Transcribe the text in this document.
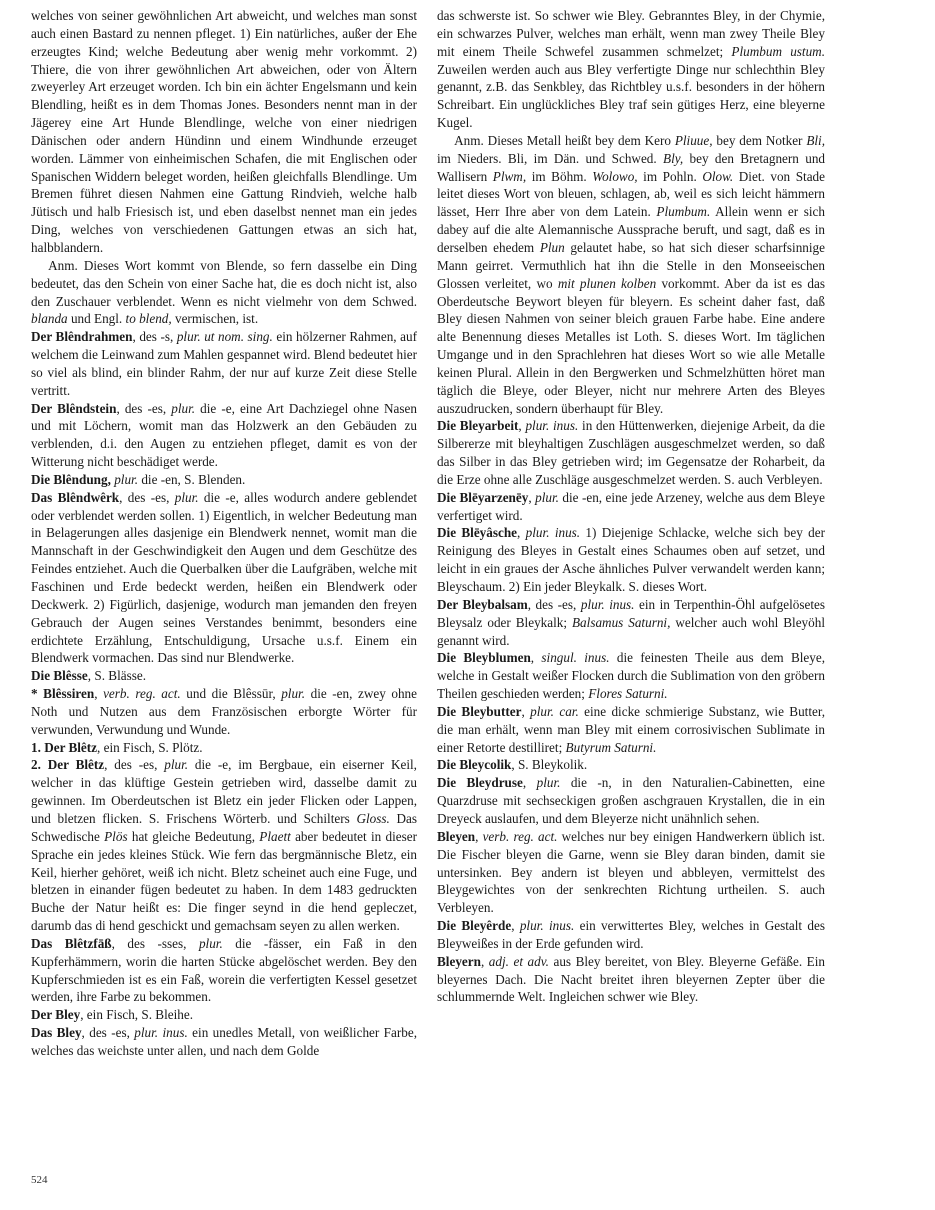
welches von seiner gewöhnlichen Art abweicht, und welches man sonst auch einen Bastard zu nennen pfleget. 1) Ein natürliches, außer der Ehe erzeugtes Kind; welche Bedeutung aber wenig mehr vorkommt. 2) Thiere, die von ihrer gewöhnlichen Art abweichen, oder von Ältern zweyerley Art erzeuget worden. Ich bin ein ächter Engelsmann und kein Blendling, heißt es in dem Thomas Jones. Besonders nennt man in der Jägerey eine Art Hunde Blendlinge, welche von einer niedrigen Dänischen oder andern Hündinn und einem Windhunde erzeuget worden. Lämmer von einheimischen Schafen, die mit Englischen oder Spanischen Widdern beleget worden, heißen gleichfalls Blendlinge. Um Bremen führet diesen Nahmen eine Gattung Rindvieh, welche halb Jütisch und halb Friesisch ist, und eben daselbst nennet man ein jedes Ding, welches von verschiedenen Gattungen etwas an sich hat, halbblandern.

Anm. Dieses Wort kommt von Blende, so fern dasselbe ein Ding bedeutet, das den Schein von einer Sache hat, die es doch nicht ist, also den Zuschauer verblendet. Wenn es nicht vielmehr von dem Schwed. blanda und Engl. to blend, vermischen, ist.

Der Blêndrahmen, des -s, plur. ut nom. sing. ein hölzerner Rahmen, auf welchem die Leinwand zum Mahlen gespannet wird. Blend bedeutet hier so viel als blind, ein blinder Rahm, der nur auf kurze Zeit diese Stelle vertritt.

Der Blêndstein, des -es, plur. die -e, eine Art Dachziegel ohne Nasen und mit Löchern, womit man das Holzwerk an den Gebäuden zu verblenden, d.i. den Augen zu entziehen pfleget, damit es von der Witterung nicht beschädiget werde.

Die Blêndung, plur. die -en, S. Blenden.

Das Blêndwêrk, des -es, plur. die -e, alles wodurch andere geblendet oder verblendet werden sollen. 1) Eigentlich, in welcher Bedeutung man in Belagerungen alles dasjenige ein Blendwerk nennet, womit man die Mannschaft in der Geschwindigkeit den Augen und dem Geschütze des Feindes entziehet. Auch die Querbalken über die Laufgräben, welche mit Faschinen und Erde bedeckt werden, heißen ein Blendwerk oder Deckwerk. 2) Figürlich, dasjenige, wodurch man jemanden den freyen Gebrauch der Augen seines Verstandes benimmt, besonders eine erdichtete Erzählung, Entschuldigung, Ursache u.s.f. Einem ein Blendwerk vormachen. Das sind nur Blendwerke.

Die Blêsse, S. Blässe.

* Blêssiren, verb. reg. act. und die Blêssūr, plur. die -en, zwey ohne Noth und Nutzen aus dem Französischen erborgte Wörter für verwunden, Verwundung und Wunde.

1. Der Blêtz, ein Fisch, S. Plötz.

2. Der Blêtz, des -es, plur. die -e, im Bergbaue, ein eiserner Keil, welcher in das klüftige Gestein getrieben wird, dasselbe damit zu gewinnen. Im Oberdeutschen ist Bletz ein jeder Flicken oder Lappen, und bletzen flicken. S. Frischens Wörterb. und Schilters Gloss. Das Schwedische Plös hat gleiche Bedeutung, Plaett aber bedeutet in dieser Sprache ein jedes kleines Stück. Wie fern das bergmännische Bletz, ein Keil, hierher gehöret, weiß ich nicht. Bletz scheinet auch eine Fuge, und bletzen in einander fügen bedeutet zu haben. In dem 1483 gedruckten Buche der Natur heißt es: Die finger seynd in die hend gepleczet, darumb das di hend geschickt und gemachsam seyen zu allen werken.

Das Blêtzfāß, des -sses, plur. die -fässer, ein Faß in den Kupferhämmern, worin die harten Stücke abgelöschet werden. Bey den Kupferschmieden ist es ein Faß, worein die verfertigten Kessel gesetzet werden, ihre Farbe zu bekommen.

Der Bley, ein Fisch, S. Bleihe.

Das Bley, des -es, plur. inus. ein unedles Metall, von weißlicher Farbe, welches das weichste unter allen, und nach dem Golde

das schwerste ist. So schwer wie Bley. Gebranntes Bley, in der Chymie, ein schwarzes Pulver, welches man erhält, wenn man zwey Theile Bley mit einem Theile Schwefel zusammen schmelzet; Plumbum ustum. Zuweilen werden auch aus Bley verfertigte Dinge nur schlechthin Bley genannt, z.B. das Senkbley, das Richtbley u.s.f. besonders in der höhern Schreibart. Ein unglückliches Bley traf sein gütiges Herz, eine bleyerne Kugel.

Anm. Dieses Metall heißt bey dem Kero Pliuue, bey dem Notker Bli, im Nieders. Bli, im Dän. und Schwed. Bly, bey den Bretagnern und Wallisern Plwm, im Böhm. Wolowo, im Pohln. Olow. Diet. von Stade leitet dieses Wort von bleuen, schlagen, ab, weil es sich leicht hämmern lässet, Herr Ihre aber von dem Latein. Plumbum. Allein wenn er sich dabey auf die alte Alemannische Aussprache beruft, und sagt, daß es in derselben ehedem Plun gelautet habe, so hat sich dieser scharfsinnige Mann geirret. Vermuthlich hat ihn die Stelle in den Monseeischen Glossen verleitet, wo mit plunen kolben vorkommt. Aber da ist es das Oberdeutsche Beywort bleyen für bleyern. Es scheint daher fast, daß Bley diesen Nahmen von seiner bleich grauen Farbe habe. Eine andere alte Benennung dieses Metalles ist Loth. S. dieses Wort. Im täglichen Umgange und in den Sprachlehren hat dieses Wort so wie alle Metalle keinen Plural. Allein in den Bergwerken und Schmelzhütten höret man täglich die Bleye, oder Bleyer, nicht nur mehrere Arten des Bleyes auszudrucken, sondern überhaupt für Bley.

Die Bleyarbeit, plur. inus. in den Hüttenwerken, diejenige Arbeit, da die Silbererze mit bleyhaltigen Zuschlägen ausgeschmelzet werden, so daß das Silber in das Bley getrieben wird; im Gegensatze der Roharbeit, da die Erze ohne alle Zuschläge ausgeschmelzet werden. S. auch Verbleyen.

Die Blēyarzenēy, plur. die -en, eine jede Arzeney, welche aus dem Bleye verfertiget wird.

Die Blēyâsche, plur. inus. 1) Diejenige Schlacke, welche sich bey der Reinigung des Bleyes in Gestalt eines Schaumes oben auf setzet, und leicht in ein graues der Asche ähnliches Pulver verwandelt werden kann; Bleyschaum. 2) Ein jeder Bleykalk. S. dieses Wort.

Der Bleybalsam, des -es, plur. inus. ein in Terpenthin-Öhl aufgelösetes Bleysalz oder Bleykalk; Balsamus Saturni, welcher auch wohl Bleyöhl genannt wird.

Die Bleyblumen, singul. inus. die feinesten Theile aus dem Bleye, welche in Gestalt weißer Flocken durch die Sublimation von den gröbern Theilen geschieden werden; Flores Saturni.

Die Bleybutter, plur. car. eine dicke schmierige Substanz, wie Butter, die man erhält, wenn man Bley mit einem corrosivischen Sublimate in einer Retorte destilliret; Butyrum Saturni.

Die Bleycolik, S. Bleykolik.

Die Bleydruse, plur. die -n, in den Naturalien-Cabinetten, eine Quarzdruse mit sechseckigen großen aschgrauen Krystallen, die in ein Dreyeck auslaufen, und dem Bleyerze nicht unähnlich sehen.

Bleyen, verb. reg. act. welches nur bey einigen Handwerkern üblich ist. Die Fischer bleyen die Garne, wenn sie Bley daran binden, damit sie untersinken. Bey andern ist bleyen und abbleyen, vermittelst des Bleygewichtes von der senkrechten Richtung urtheilen. S. auch Verbleyen.

Die Bleyêrde, plur. inus. ein verwittertes Bley, welches in Gestalt des Bleyweißes in der Erde gefunden wird.

Bleyern, adj. et adv. aus Bley bereitet, von Bley. Bleyerne Gefäße. Ein bleyernes Dach. Die Nacht breitet ihren bleyernen Zepter über die schlummernde Welt. Ingleichen schwer wie Bley.

524
